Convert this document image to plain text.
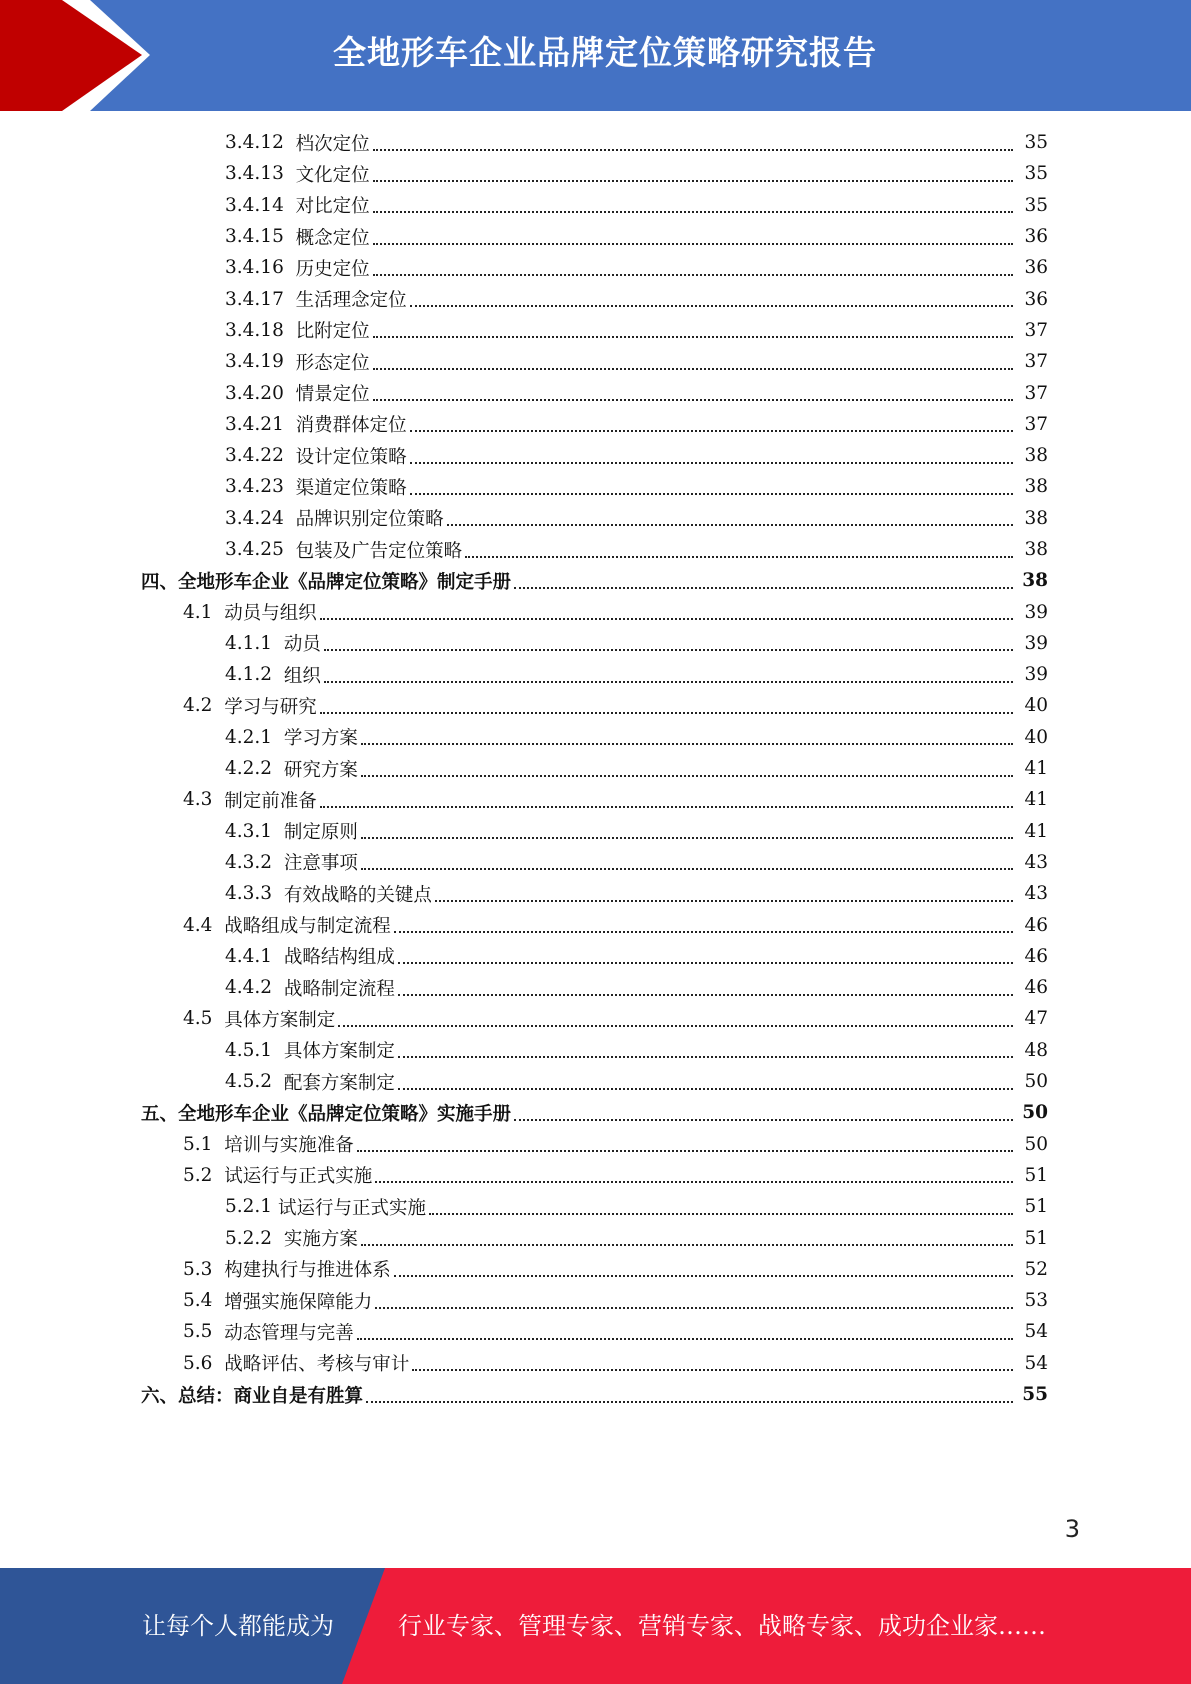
全地形车企业品牌定位策略研究报告
3.4.12 档次定位	35
3.4.13 文化定位	35
3.4.14 对比定位	35
3.4.15 概念定位	36
3.4.16 历史定位	36
3.4.17 生活理念定位	36
3.4.18 比附定位	37
3.4.19 形态定位	37
3.4.20 情景定位	37
3.4.21 消费群体定位	37
3.4.22 设计定位策略	38
3.4.23 渠道定位策略	38
3.4.24 品牌识别定位策略	38
3.4.25 包装及广告定位策略	38
四、 全地形车企业《品牌定位策略》制定手册	38
4.1 动员与组织	39
4.1.1 动员	39
4.1.2 组织	39
4.2 学习与研究	40
4.2.1 学习方案	40
4.2.2 研究方案	41
4.3 制定前准备	41
4.3.1 制定原则	41
4.3.2 注意事项	43
4.3.3 有效战略的关键点	43
4.4 战略组成与制定流程	46
4.4.1 战略结构组成	46
4.4.2 战略制定流程	46
4.5 具体方案制定	47
4.5.1 具体方案制定	48
4.5.2 配套方案制定	50
五、 全地形车企业《品牌定位策略》实施手册	50
5.1 培训与实施准备	50
5.2 试运行与正式实施	51
5.2.1 试运行与正式实施	51
5.2.2 实施方案	51
5.3 构建执行与推进体系	52
5.4 增强实施保障能力	53
5.5 动态管理与完善	54
5.6 战略评估、考核与审计	54
六、 总结：商业自是有胜算	55
3
让每个人都能成为	行业专家、管理专家、营销专家、战略专家、成功企业家……
